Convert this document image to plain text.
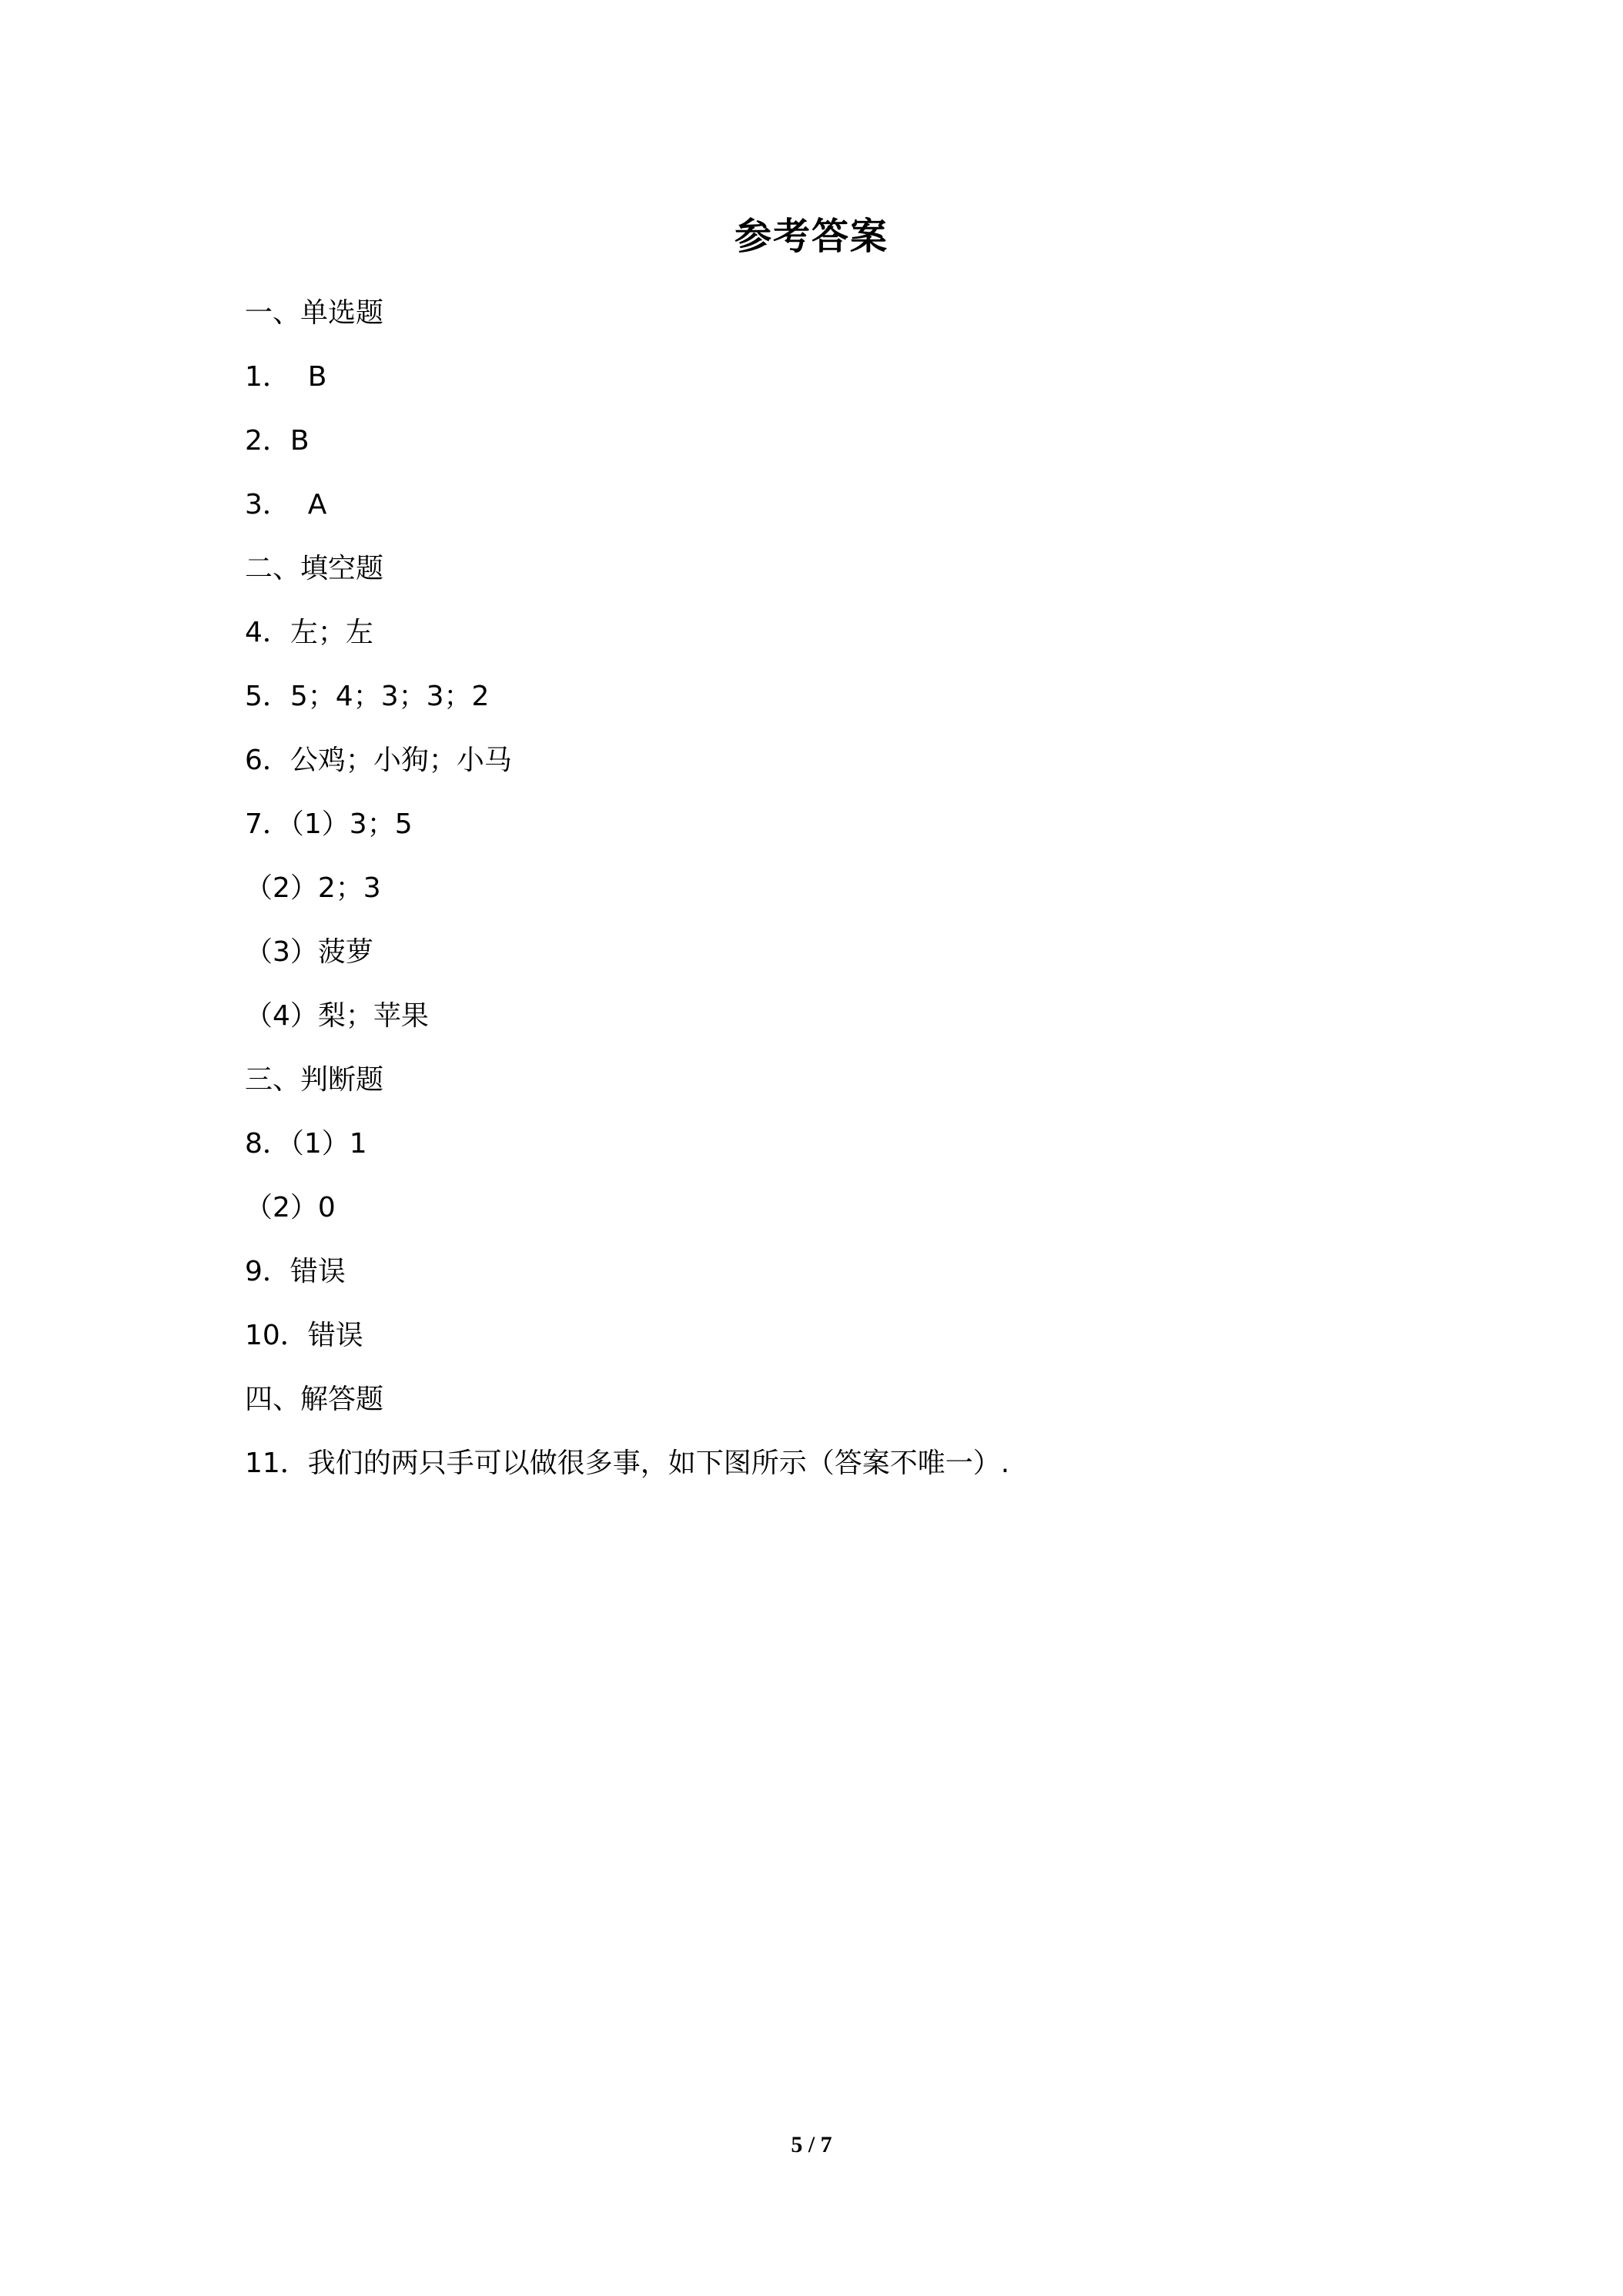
参考答案
一、单选题
1．  B
2．B
3．  A
二、填空题
4．左；左
5．5；4；3；3；2
6．公鸡；小狗；小马
7．（1）3；5
（2）2；3
（3）菠萝
（4）梨；苹果
三、判断题
8．（1）1
（2）0
9．错误
10．错误
四、解答题
11．我们的两只手可以做很多事，如下图所示（答案不唯一）.
5 / 7
